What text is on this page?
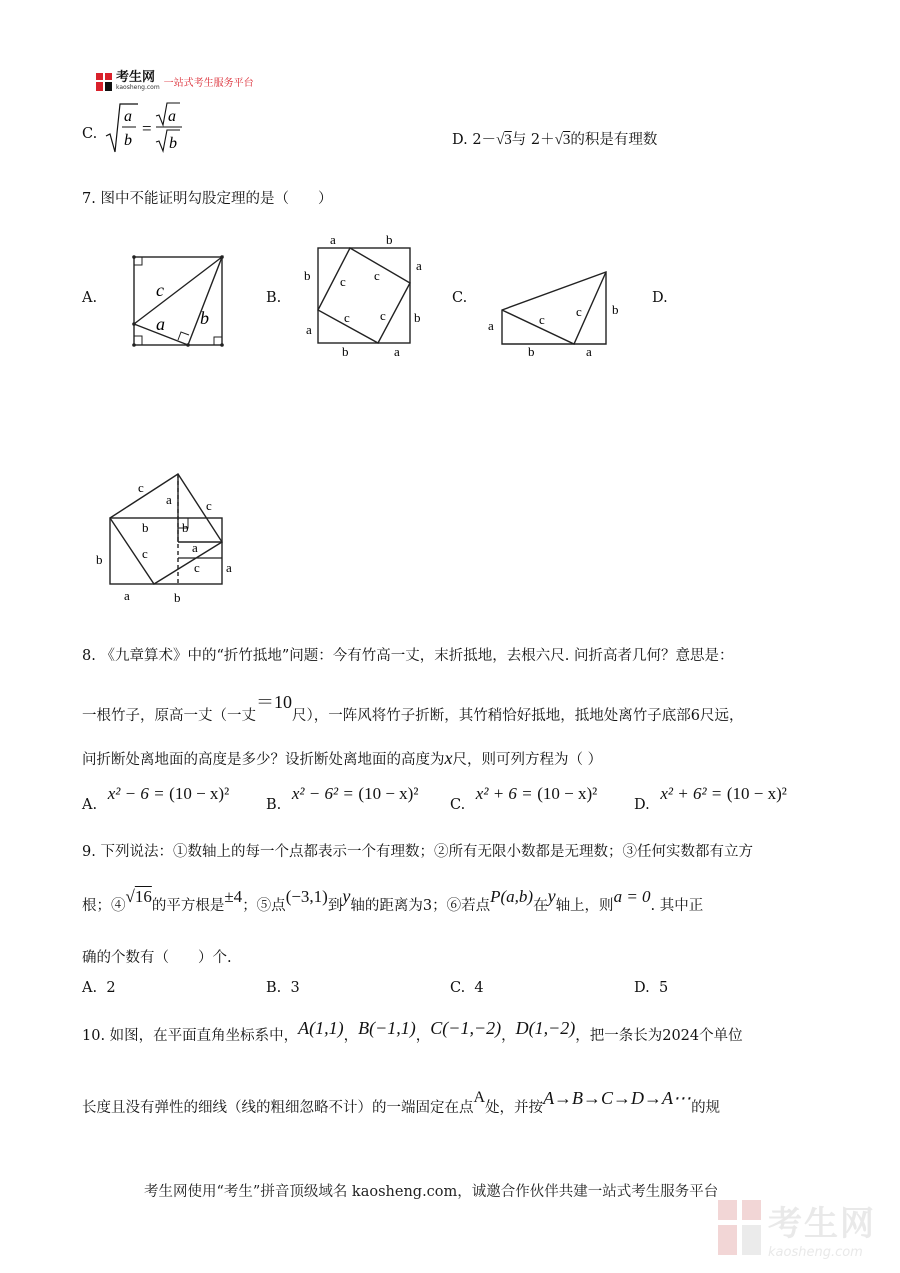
考生网
kaosheng.com 一站式考生服务平台
C.
a
b
=
a
b	D. 2－√3与 2＋√3的积是有理数
7. 图中不能证明勾股定理的是（　　）
A.	c
a b
B.
a	b
a
b
a
b
a
b c c
c c
C.
a
b	a
b
c
c
D.
c
a	c
b	b
c	a
c
b
a
a	b
8. 《九章算术》中的“折竹抵地”问题：今有竹高一丈，末折抵地，去根六尺. 问折高者几何？意思是：
一根竹子，原高一丈（一丈＝10尺），一阵风将竹子折断，其竹稍恰好抵地，抵地处离竹子底部6尺远，
问折断处离地面的高度是多少？设折断处离地面的高度为x尺，则可列方程为（ ）
A. x² − 6 = (10 − x)²
B. x² − 6² = (10 − x)²
C. x² + 6 = (10 − x)²
D. x² + 6² = (10 − x)²
9. 下列说法：①数轴上的每一个点都表示一个有理数；②所有无限小数都是无理数；③任何实数都有立方
根；④√16的平方根是±4；⑤点(−3,1)到y轴的距离为3；⑥若点P(a,b)在y轴上，则a = 0. 其中正
确的个数有（　　）个.
A. 2	B. 3	C. 4	D. 5
10. 如图，在平面直角坐标系中，A(1,1)，B(−1,1)，C(−1,−2)，D(1,−2)，把一条长为2024个单位
长度且没有弹性的细线（线的粗细忽略不计）的一端固定在点A处，并按A→B→C→D→A⋯的规
考生网使用“考生”拼音顶级域名 kaosheng.com，诚邀合作伙伴共建一站式考生服务平台
考生网
kaosheng.com
